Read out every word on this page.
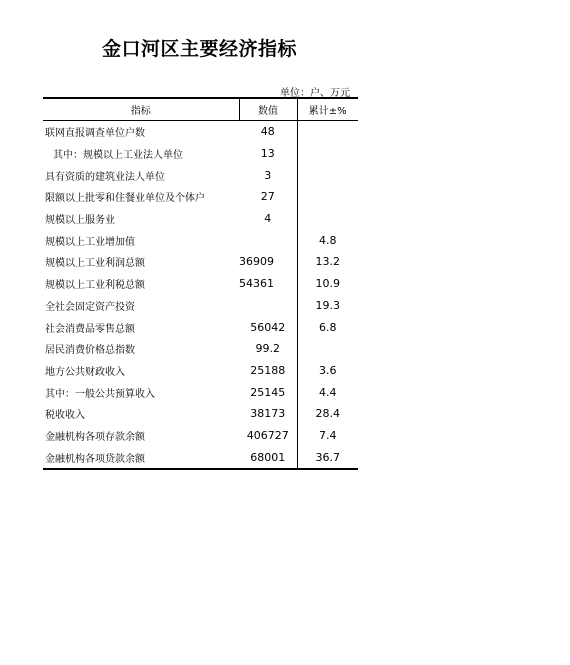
金口河区主要经济指标
单位：户、万元
指标	数值	累计±%
联网直报调查单位户数	48	
其中：规模以上工业法人单位	13	
具有资质的建筑业法人单位	3	
限额以上批零和住餐业单位及个体户	27	
规模以上服务业	4	
规模以上工业增加值		4.8
规模以上工业利润总额	36909	13.2
规模以上工业利税总额	54361	10.9
全社会固定资产投资		19.3
社会消费品零售总额	56042	6.8
居民消费价格总指数	99.2	
地方公共财政收入	25188	3.6
其中：一般公共预算收入	25145	4.4
税收收入	38173	28.4
金融机构各项存款余额	406727	7.4
金融机构各项贷款余额	68001	36.7
